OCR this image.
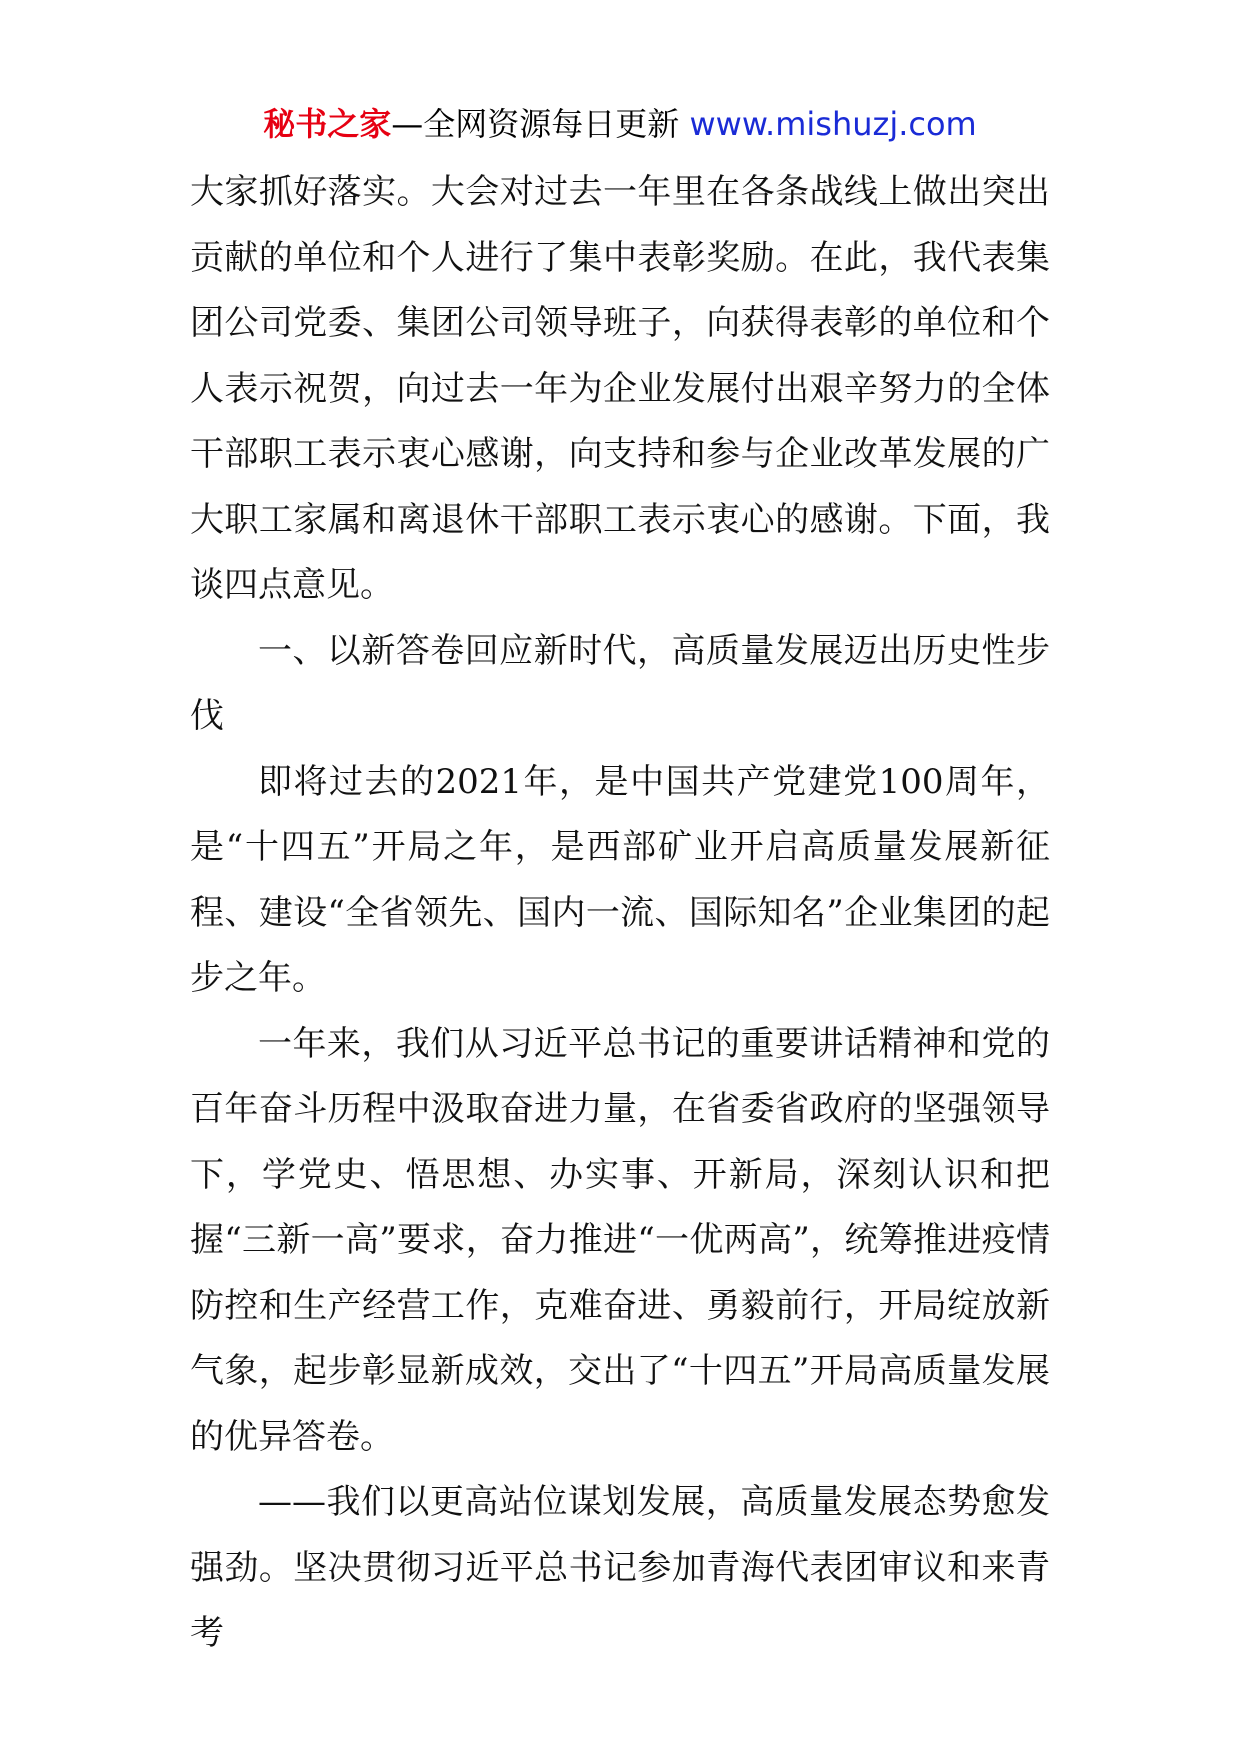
秘书之家—全网资源每日更新 www.mishuzj.com

大家抓好落实。大会对过去一年里在各条战线上做出突出贡献的单位和个人进行了集中表彰奖励。在此，我代表集团公司党委、集团公司领导班子，向获得表彰的单位和个人表示祝贺，向过去一年为企业发展付出艰辛努力的全体干部职工表示衷心感谢，向支持和参与企业改革发展的广大职工家属和离退休干部职工表示衷心的感谢。下面，我谈四点意见。

一、以新答卷回应新时代，高质量发展迈出历史性步伐

即将过去的2021年，是中国共产党建党100周年，是“十四五”开局之年，是西部矿业开启高质量发展新征程、建设“全省领先、国内一流、国际知名”企业集团的起步之年。

一年来，我们从习近平总书记的重要讲话精神和党的百年奋斗历程中汲取奋进力量，在省委省政府的坚强领导下，学党史、悟思想、办实事、开新局，深刻认识和把握“三新一高”要求，奋力推进“一优两高”，统筹推进疫情防控和生产经营工作，克难奋进、勇毅前行，开局绽放新气象，起步彰显新成效，交出了“十四五”开局高质量发展的优异答卷。

——我们以更高站位谋划发展，高质量发展态势愈发强劲。坚决贯彻习近平总书记参加青海代表团审议和来青考
